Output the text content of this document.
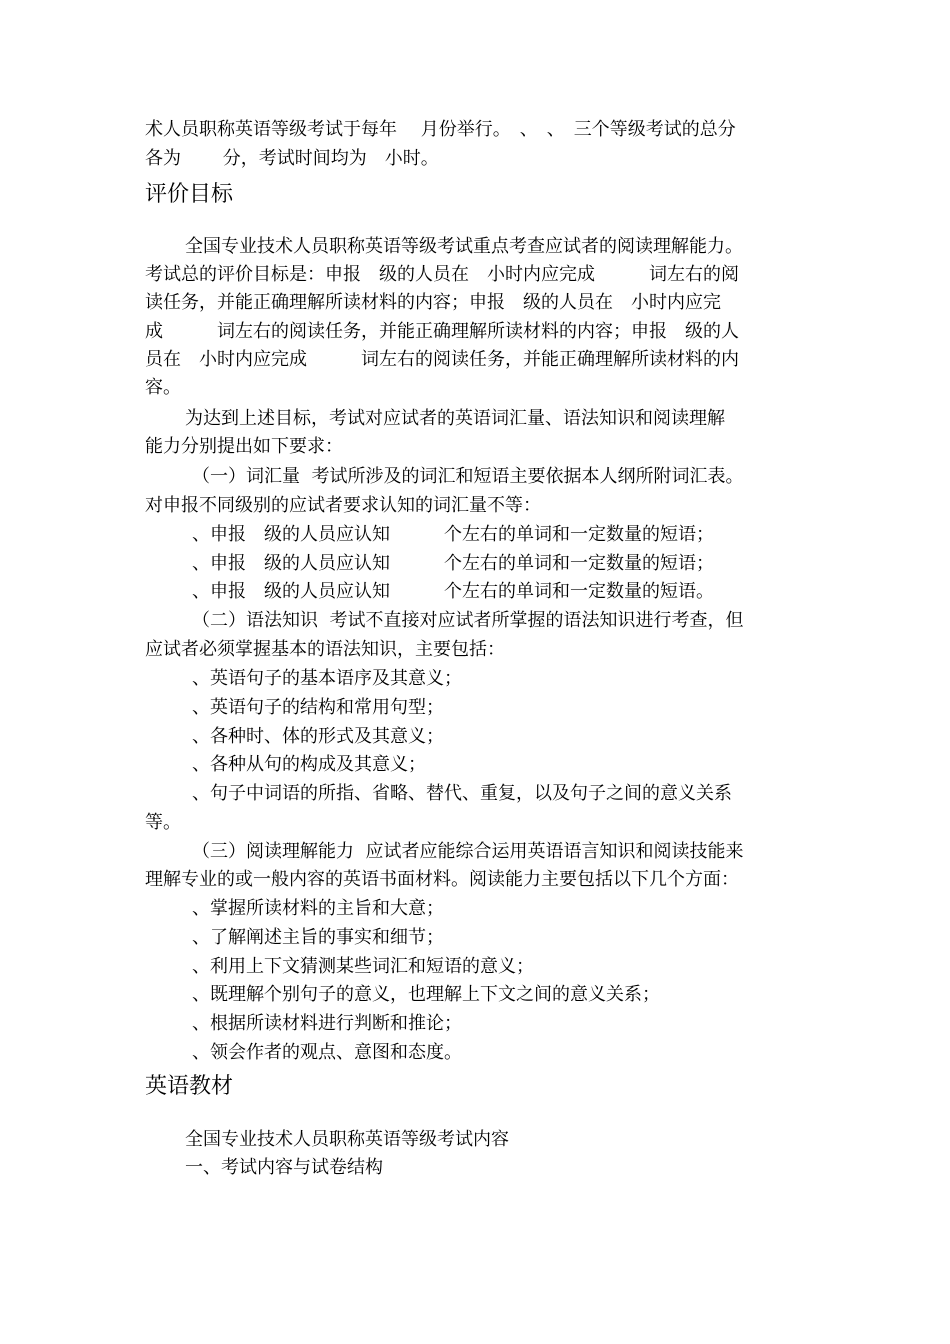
术人员职称英语等级考试于每年　 月份举行。　、　、　三个等级考试的总分
各为　　 分，考试时间均为　小时。
评价目标
全国专业技术人员职称英语等级考试重点考查应试者的阅读理解能力。
考试总的评价目标是：申报　级的人员在　小时内应完成　　　词左右的阅
读任务，并能正确理解所读材料的内容；申报　级的人员在　小时内应完
成　　　词左右的阅读任务，并能正确理解所读材料的内容；申报　级的人
员在　小时内应完成　　　词左右的阅读任务，并能正确理解所读材料的内
容。
为达到上述目标，考试对应试者的英语词汇量、语法知识和阅读理解
能力分别提出如下要求：
（一）词汇量  考试所涉及的词汇和短语主要依据本人纲所附词汇表。
对申报不同级别的应试者要求认知的词汇量不等：
、申报　级的人员应认知　　　个左右的单词和一定数量的短语；
、申报　级的人员应认知　　　个左右的单词和一定数量的短语；
、申报　级的人员应认知　　　个左右的单词和一定数量的短语。
（二）语法知识  考试不直接对应试者所掌握的语法知识进行考查，但
应试者必须掌握基本的语法知识，主要包括：
、英语句子的基本语序及其意义；
、英语句子的结构和常用句型；
、各种时、体的形式及其意义；
、各种从句的构成及其意义；
、句子中词语的所指、省略、替代、重复，以及句子之间的意义关系
等。
（三）阅读理解能力  应试者应能综合运用英语语言知识和阅读技能来
理解专业的或一般内容的英语书面材料。阅读能力主要包括以下几个方面：
、掌握所读材料的主旨和大意；
、了解阐述主旨的事实和细节；
、利用上下文猜测某些词汇和短语的意义；
、既理解个别句子的意义，也理解上下文之间的意义关系；
、根据所读材料进行判断和推论；
、领会作者的观点、意图和态度。
英语教材
全国专业技术人员职称英语等级考试内容
一、考试内容与试卷结构
